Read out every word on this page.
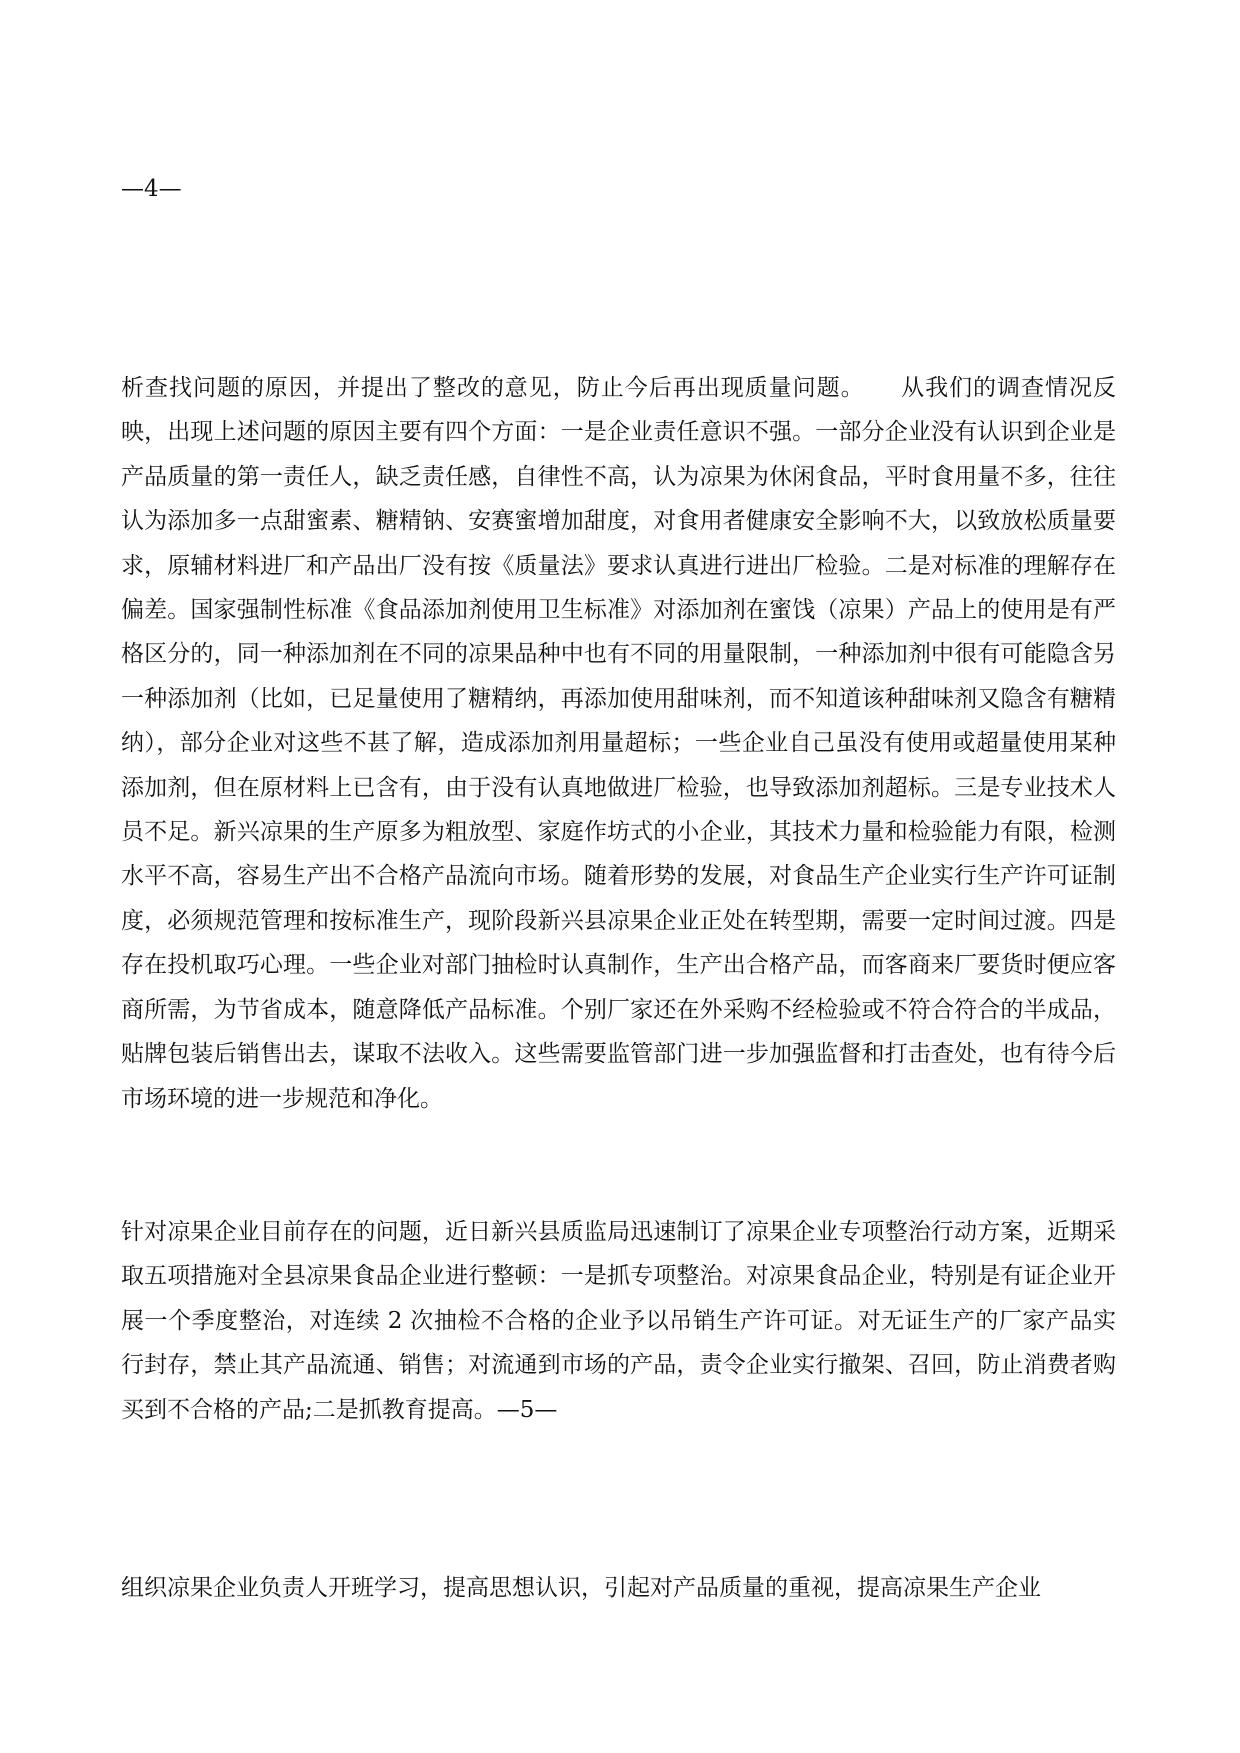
—4—

析查找问题的原因，并提出了整改的意见，防止今后再出现质量问题。　　从我们的调查情况反映，出现上述问题的原因主要有四个方面：一是企业责任意识不强。一部分企业没有认识到企业是产品质量的第一责任人，缺乏责任感，自律性不高，认为凉果为休闲食品，平时食用量不多，往往认为添加多一点甜蜜素、糖精钠、安赛蜜增加甜度，对食用者健康安全影响不大，以致放松质量要求，原辅材料进厂和产品出厂没有按《质量法》要求认真进行进出厂检验。二是对标准的理解存在偏差。国家强制性标准《食品添加剂使用卫生标准》对添加剂在蜜饯（凉果）产品上的使用是有严格区分的，同一种添加剂在不同的凉果品种中也有不同的用量限制，一种添加剂中很有可能隐含另一种添加剂（比如，已足量使用了糖精纳，再添加使用甜味剂，而不知道该种甜味剂又隐含有糖精纳），部分企业对这些不甚了解，造成添加剂用量超标；一些企业自己虽没有使用或超量使用某种添加剂，但在原材料上已含有，由于没有认真地做进厂检验，也导致添加剂超标。三是专业技术人员不足。新兴凉果的生产原多为粗放型、家庭作坊式的小企业，其技术力量和检验能力有限，检测水平不高，容易生产出不合格产品流向市场。随着形势的发展，对食品生产企业实行生产许可证制度，必须规范管理和按标准生产，现阶段新兴县凉果企业正处在转型期，需要一定时间过渡。四是存在投机取巧心理。一些企业对部门抽检时认真制作，生产出合格产品，而客商来厂要货时便应客商所需，为节省成本，随意降低产品标准。个别厂家还在外采购不经检验或不符合符合的半成品，贴牌包装后销售出去，谋取不法收入。这些需要监管部门进一步加强监督和打击查处，也有待今后市场环境的进一步规范和净化。

针对凉果企业目前存在的问题，近日新兴县质监局迅速制订了凉果企业专项整治行动方案，近期采取五项措施对全县凉果食品企业进行整顿：一是抓专项整治。对凉果食品企业，特别是有证企业开展一个季度整治，对连续 2 次抽检不合格的企业予以吊销生产许可证。对无证生产的厂家产品实行封存，禁止其产品流通、销售；对流通到市场的产品，责令企业实行撤架、召回，防止消费者购买到不合格的产品;二是抓教育提高。—5—

组织凉果企业负责人开班学习，提高思想认识，引起对产品质量的重视，提高凉果生产企业
